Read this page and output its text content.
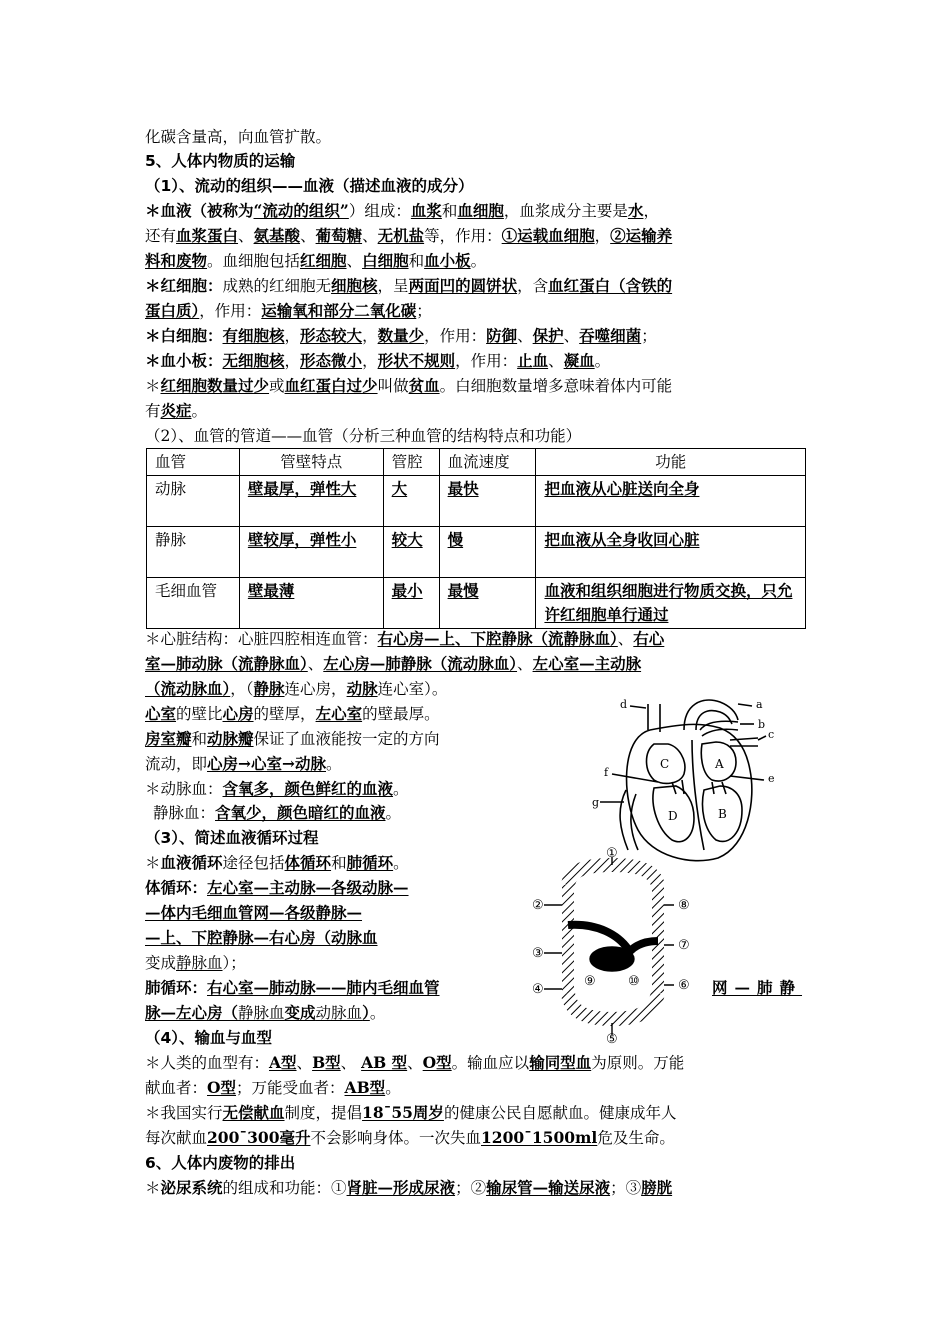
化碳含量高，向血管扩散。
5、人体内物质的运输
（1）、流动的组织——血液（描述血液的成分）
＊血液（被称为“流动的组织”）组成：血浆和血细胞，血浆成分主要是水，
还有血浆蛋白、氨基酸、葡萄糖、无机盐等，作用：①运载血细胞，②运输养
料和废物。血细胞包括红细胞、白细胞和血小板。
＊红细胞：成熟的红细胞无细胞核，呈两面凹的圆饼状，含血红蛋白（含铁的
蛋白质），作用：运输氧和部分二氧化碳；
＊白细胞：有细胞核，形态较大，数量少，作用：防御、保护、吞噬细菌；
＊血小板：无细胞核，形态微小，形状不规则，作用：止血、凝血。
＊红细胞数量过少或血红蛋白过少叫做贫血。白细胞数量增多意味着体内可能
有炎症。
（2）、血管的管道——血管（分析三种血管的结构特点和功能）
血管	管壁特点	管腔	血流速度	功能
动脉	壁最厚，弹性大	大	最快	把血液从心脏送向全身
静脉	壁较厚，弹性小	较大	慢	把血液从全身收回心脏
毛细血管	壁最薄	最小	最慢	血液和组织细胞进行物质交换，只允许红细胞单行通过
＊心脏结构：心脏四腔相连血管：右心房—上、下腔静脉（流静脉血）、右心
室—肺动脉（流静脉血）、左心房—肺静脉（流动脉血）、左心室—主动脉
（流动脉血），（静脉连心房，动脉连心室）。
心室的壁比心房的壁厚，左心室的壁最厚。
房室瓣和动脉瓣保证了血液能按一定的方向
流动，即心房→心室→动脉。
＊动脉血：含氧多，颜色鲜红的血液。
静脉血：含氧少，颜色暗红的血液。
（3）、简述血液循环过程
＊血液循环途径包括体循环和肺循环。
体循环：左心室—主动脉—各级动脉—
—体内毛细血管网—各级静脉—
—上、下腔静脉—右心房（动脉血
变成静脉血）；
肺循环：右心室—肺动脉——肺内毛细血管	网—肺静
脉—左心房（静脉血变成动脉血）。
（4）、输血与血型
＊人类的血型有：A型、B型、 AB 型、O型。输血应以输同型血为原则。万能
献血者：O型；万能受血者：AB型。
＊我国实行无偿献血制度，提倡18¯55周岁的健康公民自愿献血。健康成年人
每次献血200¯300毫升不会影响身体。一次失血1200¯1500ml危及生命。
6、人体内废物的排出
＊泌尿系统的组成和功能：①肾脏—形成尿液；②输尿管—输送尿液；③膀胱
a
b
c
d
e
f
g
A
B
C
D
①
②
③
④
⑤
⑥
⑦
⑧
⑨ ⑩
